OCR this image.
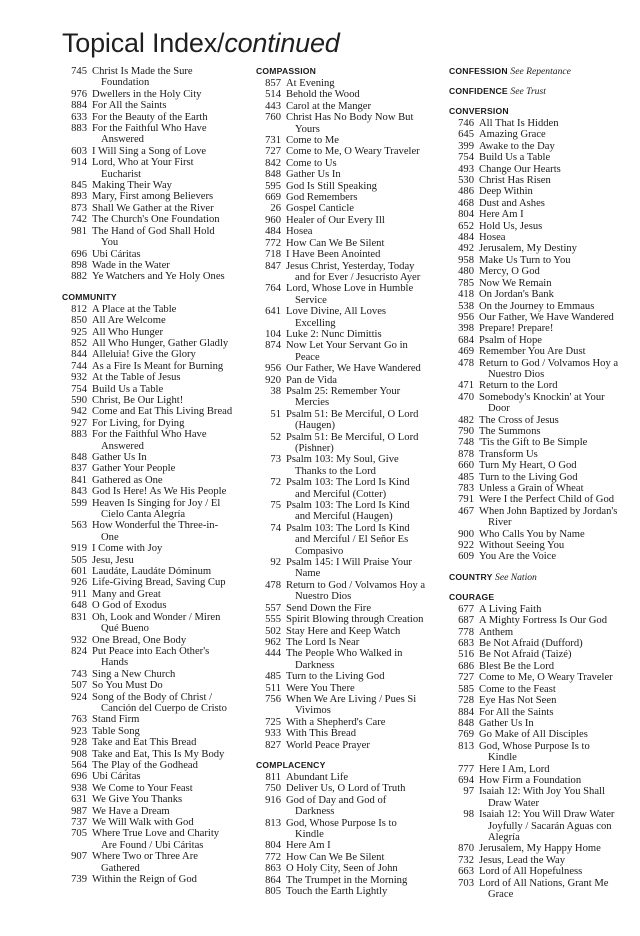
Topical Index/continued
745 Christ Is Made the Sure
Foundation
976 Dwellers in the Holy City
884 For All the Saints
633 For the Beauty of the Earth
883 For the Faithful Who Have
Answered
603 I Will Sing a Song of Love
914 Lord, Who at Your First
Eucharist
845 Making Their Way
893 Mary, First among Believers
873 Shall We Gather at the River
742 The Church's One Foundation
981 The Hand of God Shall Hold
You
696 Ubi Cáritas
898 Wade in the Water
882 Ye Watchers and Ye Holy Ones
COMMUNITY
812 A Place at the Table
850 All Are Welcome
925 All Who Hunger
852 All Who Hunger, Gather Gladly
844 Alleluia! Give the Glory
744 As a Fire Is Meant for Burning
932 At the Table of Jesus
754 Build Us a Table
590 Christ, Be Our Light!
942 Come and Eat This Living Bread
927 For Living, for Dying
883 For the Faithful Who Have
Answered
848 Gather Us In
837 Gather Your People
841 Gathered as One
843 God Is Here! As We His People
599 Heaven Is Singing for Joy / El
Cielo Canta Alegría
563 How Wonderful the Three-in-
One
919 I Come with Joy
505 Jesu, Jesu
601 Laudáte, Laudáte Dóminum
926 Life-Giving Bread, Saving Cup
911 Many and Great
648 O God of Exodus
831 Oh, Look and Wonder / Miren
Qué Bueno
932 One Bread, One Body
824 Put Peace into Each Other's
Hands
743 Sing a New Church
507 So You Must Do
924 Song of the Body of Christ /
Canción del Cuerpo de Cristo
763 Stand Firm
923 Table Song
928 Take and Eat This Bread
908 Take and Eat, This Is My Body
564 The Play of the Godhead
696 Ubi Cáritas
938 We Come to Your Feast
631 We Give You Thanks
987 We Have a Dream
737 We Will Walk with God
705 Where True Love and Charity
Are Found / Ubi Cáritas
907 Where Two or Three Are
Gathered
739 Within the Reign of God
COMPASSION
857 At Evening
514 Behold the Wood
443 Carol at the Manger
760 Christ Has No Body Now But
Yours
731 Come to Me
727 Come to Me, O Weary Traveler
842 Come to Us
848 Gather Us In
595 God Is Still Speaking
669 God Remembers
26 Gospel Canticle
960 Healer of Our Every Ill
484 Hosea
772 How Can We Be Silent
718 I Have Been Anointed
847 Jesus Christ, Yesterday, Today
and for Ever / Jesucristo Ayer
764 Lord, Whose Love in Humble
Service
641 Love Divine, All Loves
Excelling
104 Luke 2: Nunc Dimittis
874 Now Let Your Servant Go in
Peace
956 Our Father, We Have Wandered
920 Pan de Vida
38 Psalm 25: Remember Your
Mercies
51 Psalm 51: Be Merciful, O Lord
(Haugen)
52 Psalm 51: Be Merciful, O Lord
(Pishner)
73 Psalm 103: My Soul, Give
Thanks to the Lord
72 Psalm 103: The Lord Is Kind
and Merciful (Cotter)
75 Psalm 103: The Lord Is Kind
and Merciful (Haugen)
74 Psalm 103: The Lord Is Kind
and Merciful / El Señor Es
Compasivo
92 Psalm 145: I Will Praise Your
Name
478 Return to God / Volvamos Hoy a
Nuestro Dios
557 Send Down the Fire
555 Spirit Blowing through Creation
502 Stay Here and Keep Watch
962 The Lord Is Near
444 The People Who Walked in
Darkness
485 Turn to the Living God
511 Were You There
756 When We Are Living / Pues Si
Vivimos
725 With a Shepherd's Care
933 With This Bread
827 World Peace Prayer
COMPLACENCY
811 Abundant Life
750 Deliver Us, O Lord of Truth
916 God of Day and God of
Darkness
813 God, Whose Purpose Is to
Kindle
804 Here Am I
772 How Can We Be Silent
863 O Holy City, Seen of John
864 The Trumpet in the Morning
805 Touch the Earth Lightly
CONFESSION See Repentance
CONFIDENCE See Trust
CONVERSION
746 All That Is Hidden
645 Amazing Grace
399 Awake to the Day
754 Build Us a Table
493 Change Our Hearts
530 Christ Has Risen
486 Deep Within
468 Dust and Ashes
804 Here Am I
652 Hold Us, Jesus
484 Hosea
492 Jerusalem, My Destiny
958 Make Us Turn to You
480 Mercy, O God
785 Now We Remain
418 On Jordan's Bank
538 On the Journey to Emmaus
956 Our Father, We Have Wandered
398 Prepare! Prepare!
684 Psalm of Hope
469 Remember You Are Dust
478 Return to God / Volvamos Hoy a
Nuestro Dios
471 Return to the Lord
470 Somebody's Knockin' at Your
Door
482 The Cross of Jesus
790 The Summons
748 'Tis the Gift to Be Simple
878 Transform Us
660 Turn My Heart, O God
485 Turn to the Living God
783 Unless a Grain of Wheat
791 Were I the Perfect Child of God
467 When John Baptized by Jordan's
River
900 Who Calls You by Name
922 Without Seeing You
609 You Are the Voice
COUNTRY See Nation
COURAGE
677 A Living Faith
687 A Mighty Fortress Is Our God
778 Anthem
683 Be Not Afraid (Dufford)
516 Be Not Afraid (Taizé)
686 Blest Be the Lord
727 Come to Me, O Weary Traveler
585 Come to the Feast
728 Eye Has Not Seen
884 For All the Saints
848 Gather Us In
769 Go Make of All Disciples
813 God, Whose Purpose Is to
Kindle
777 Here I Am, Lord
694 How Firm a Foundation
97 Isaiah 12: With Joy You Shall
Draw Water
98 Isaiah 12: You Will Draw Water
Joyfully / Sacarán Aguas con
Alegría
870 Jerusalem, My Happy Home
732 Jesus, Lead the Way
663 Lord of All Hopefulness
703 Lord of All Nations, Grant Me
Grace
